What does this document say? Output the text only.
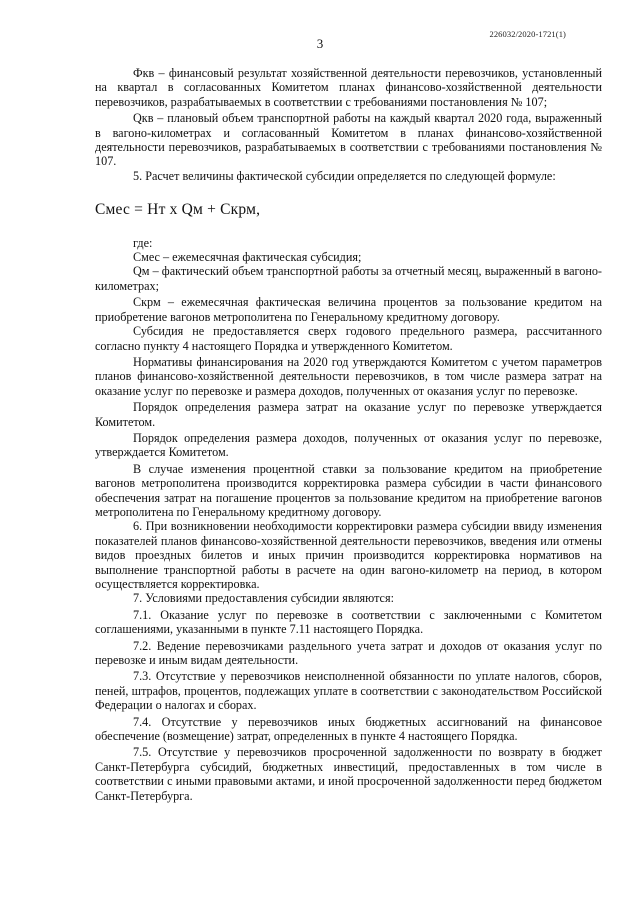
226032/2020-1721(1)
3

Фкв – финансовый результат хозяйственной деятельности перевозчиков, установленный на квартал в согласованных Комитетом планах финансово-хозяйственной деятельности перевозчиков, разрабатываемых в соответствии с требованиями постановления № 107;

Qкв – плановый объем транспортной работы на каждый квартал 2020 года, выраженный в вагоно-километрах и согласованный Комитетом в планах финансово-хозяйственной деятельности перевозчиков, разрабатываемых в соответствии с требованиями постановления № 107.

5. Расчет величины фактической субсидии определяется по следующей формуле:

Смес = Нт x Qм + Скрм,

где:

Смес – ежемесячная фактическая субсидия;

Qм – фактический объем транспортной работы за отчетный месяц, выраженный в вагоно-километрах;

Скрм – ежемесячная фактическая величина процентов за пользование кредитом на приобретение вагонов метрополитена по Генеральному кредитному договору.

Субсидия не предоставляется сверх годового предельного размера, рассчитанного согласно пункту 4 настоящего Порядка и утвержденного Комитетом.

Нормативы финансирования на 2020 год утверждаются Комитетом с учетом параметров планов финансово-хозяйственной деятельности перевозчиков, в том числе размера затрат на оказание услуг по перевозке и размера доходов, полученных от оказания услуг по перевозке.

Порядок определения размера затрат на оказание услуг по перевозке утверждается Комитетом.

Порядок определения размера доходов, полученных от оказания услуг по перевозке, утверждается Комитетом.

В случае изменения процентной ставки за пользование кредитом на приобретение вагонов метрополитена производится корректировка размера субсидии в части финансового обеспечения затрат на погашение процентов за пользование кредитом на приобретение вагонов метрополитена по Генеральному кредитному договору.

6. При возникновении необходимости корректировки размера субсидии ввиду изменения показателей планов финансово-хозяйственной деятельности перевозчиков, введения или отмены видов проездных билетов и иных причин производится корректировка нормативов на выполнение транспортной работы в расчете на один вагоно-километр на период, в котором осуществляется корректировка.

7. Условиями предоставления субсидии являются:

7.1. Оказание услуг по перевозке в соответствии с заключенными с Комитетом соглашениями, указанными в пункте 7.11 настоящего Порядка.

7.2. Ведение перевозчиками раздельного учета затрат и доходов от оказания услуг по перевозке и иным видам деятельности.

7.3. Отсутствие у перевозчиков неисполненной обязанности по уплате налогов, сборов, пеней, штрафов, процентов, подлежащих уплате в соответствии с законодательством Российской Федерации о налогах и сборах.

7.4. Отсутствие у перевозчиков иных бюджетных ассигнований на финансовое обеспечение (возмещение) затрат, определенных в пункте 4 настоящего Порядка.

7.5. Отсутствие у перевозчиков просроченной задолженности по возврату в бюджет Санкт-Петербурга субсидий, бюджетных инвестиций, предоставленных в том числе в соответствии с иными правовыми актами, и иной просроченной задолженности перед бюджетом Санкт-Петербурга.
